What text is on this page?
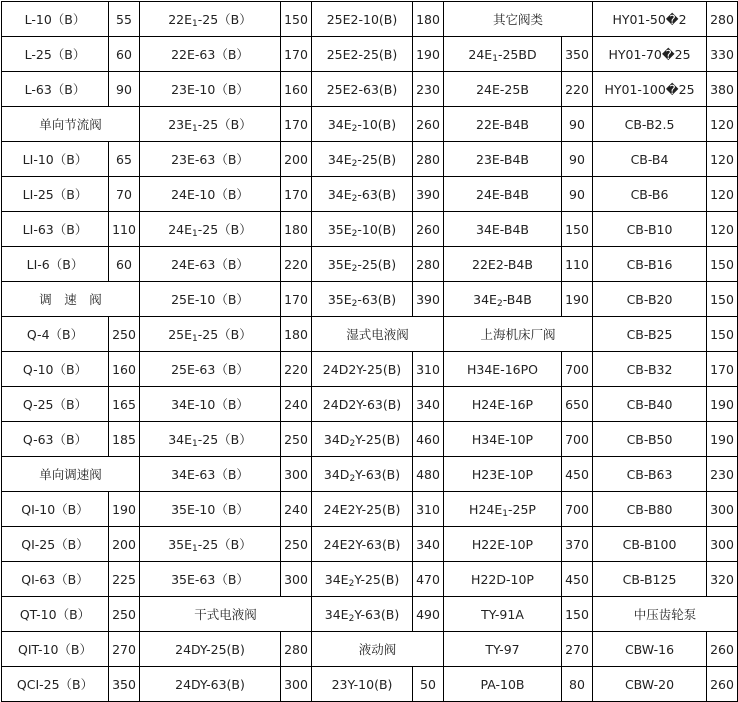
L-10（B）	55	$22E_1-25(B)$	150	25E2-10(B)	180	其它阀类		HY01-50�2	280
L-25（B）	60	22E-63（B）	170	25E2-25(B)	190	$24E_1-25BD$	350	HY01-70�25	330
L-63（B）	90	23E-10（B）	160	25E2-63(B)	230	24E-25B	220	HY01-100�25	380
单向节流阀		$23E_1-25(B)$	170	$34E_2-10(B)$	260	22E-B4B	90	CB-B2.5	120
LI-10（B）	65	23E-63（B）	200	$34E_2-25(B)$	280	23E-B4B	90	CB-B4	120
LI-25（B）	70	24E-10（B）	170	$34E_2-63(B)$	390	24E-B4B	90	CB-B6	120
LI-63（B）	110	$24E_1-25(B)$	180	$35E_2-10(B)$	260	34E-B4B	150	CB-B10	120
LI-6（B）	60	24E-63（B）	220	$35E_2-25(B)$	280	22E2-B4B	110	CB-B16	150
调　速　阀		25E-10（B）	170	$35E_2-63(B)$	390	$34E_2-B4B$	190	CB-B20	150
Q-4（B）	250	$25E_1-25(B)$	180	湿式电液阀		上海机床厂阀		CB-B25	150
Q-10（B）	160	25E-63（B）	220	24D2Y-25(B)	310	H34E-16PO	700	CB-B32	170
Q-25（B）	165	34E-10（B）	240	24D2Y-63(B)	340	H24E-16P	650	CB-B40	190
Q-63（B）	185	$34E_1-25(B)$	250	$34D_2Y-25(B)$	460	H34E-10P	700	CB-B50	190
单向调速阀		34E-63（B）	300	$34D_2Y-63(B)$	480	H23E-10P	450	CB-B63	230
QI-10（B）	190	35E-10（B）	240	24E2Y-25(B)	310	$H24E_1-25P$	700	CB-B80	300
QI-25（B）	200	$35E_1-25(B)$	250	24E2Y-63(B)	340	H22E-10P	370	CB-B100	300
QI-63（B）	225	35E-63（B）	300	$34E_2Y-25(B)$	470	H22D-10P	450	CB-B125	320
QT-10（B）	250	干式电液阀		$34E_2Y-63(B)$	490	TY-91A	150	中压齿轮泵	
QIT-10（B）	270	24DY-25(B)	280	液动阀		TY-97	270	CBW-16	260
QCI-25（B）	350	24DY-63(B)	300	23Y-10(B)	50	PA-10B	80	CBW-20	260
